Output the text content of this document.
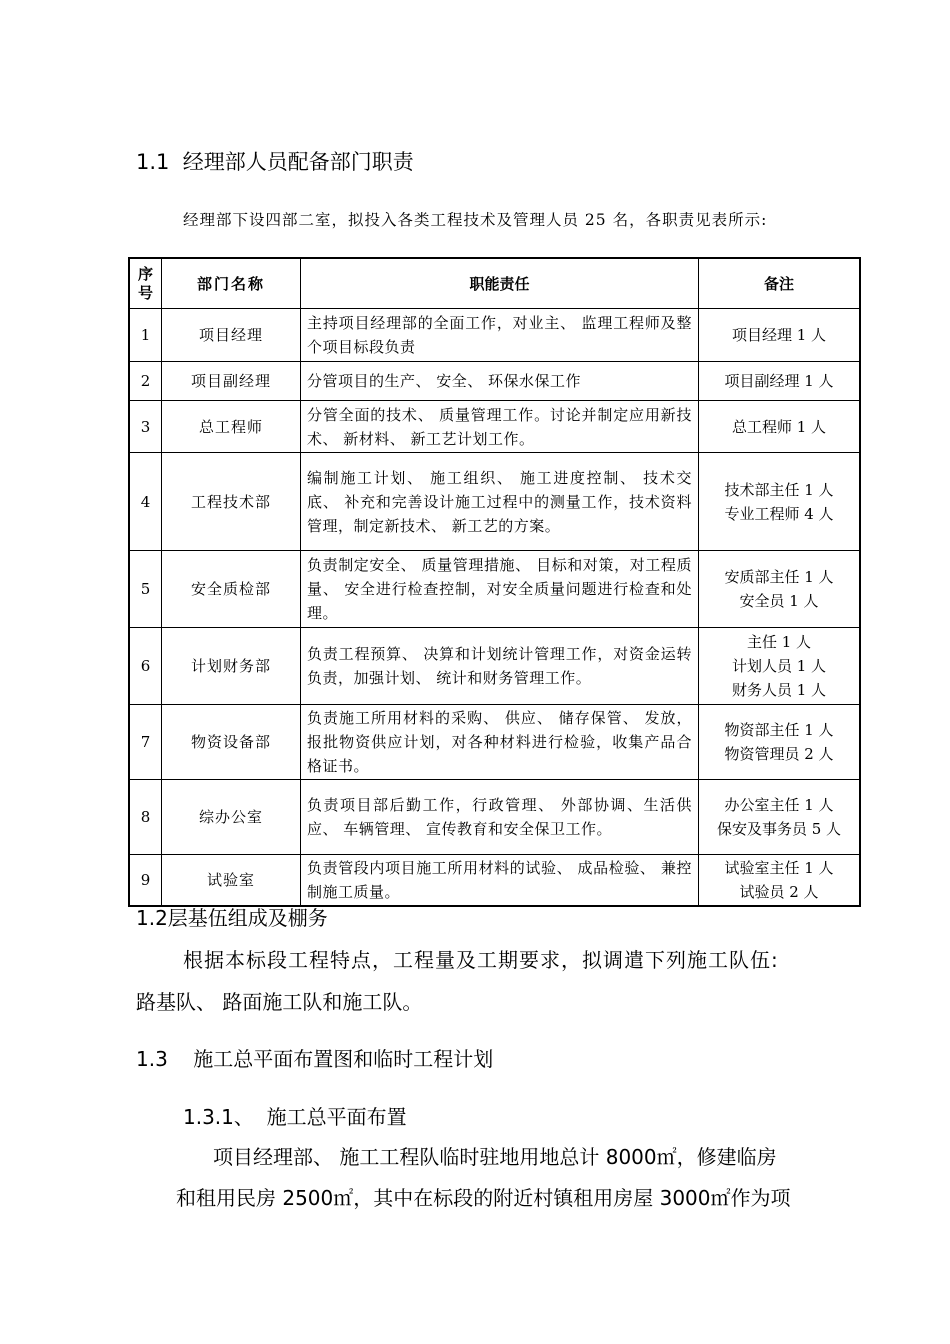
1.1 经理部人员配备部门职责
经理部下设四部二室，拟投入各类工程技术及管理人员 25 名，各职责见表所示:
序号	部门名称	职能责任	备注
1	项目经理	主持项目经理部的全面工作，对业主、 监理工程师及整个项目标段负责	项目经理 1 人

2	项目副经理	分管项目的生产、 安全、 环保水保工作	项目副经理 1 人

3	总工程师	分管全面的技术、 质量管理工作。讨论并制定应用新技术、 新材料、 新工艺计划工作。	总工程师 1 人

4	工程技术部	编制施工计划、 施工组织、 施工进度控制、 技术交底、 补充和完善设计施工过程中的测量工作，技术资料管理，制定新技术、 新工艺的方案。	技术部主任 1 人
专业工程师 4 人

5	安全质检部	负责制定安全、 质量管理措施、 目标和对策，对工程质量、 安全进行检查控制，对安全质量问题进行检查和处理。	安质部主任 1 人
安全员 1 人

6	计划财务部	负责工程预算、 决算和计划统计管理工作，对资金运转负责，加强计划、 统计和财务管理工作。	主任 1 人
计划人员 1 人
财务人员 1 人

7	物资设备部	负责施工所用材料的采购、 供应、 储存保管、 发放，报批物资供应计划，对各种材料进行检验，收集产品合格证书。	物资部主任 1 人
物资管理员 2 人

8	综办公室	负责项目部后勤工作，行政管理、 外部协调、生活供应、 车辆管理、 宣传教育和安全保卫工作。	办公室主任 1 人
保安及事务员 5 人

9	试验室	负责管段内项目施工所用材料的试验、 成品检验、 兼控制施工质量。	试验室主任 1 人
试验员 2 人
1.2层基伍组成及棚务
根据本标段工程特点，工程量及工期要求，拟调遣下列施工队伍:
路基队、 路面施工队和施工队。
1.3 施工总平面布置图和临时工程计划
1.3.1、 施工总平面布置
项目经理部、 施工工程队临时驻地用地总计 8000㎡，修建临房
和租用民房 2500㎡，其中在标段的附近村镇租用房屋 3000㎡作为项
